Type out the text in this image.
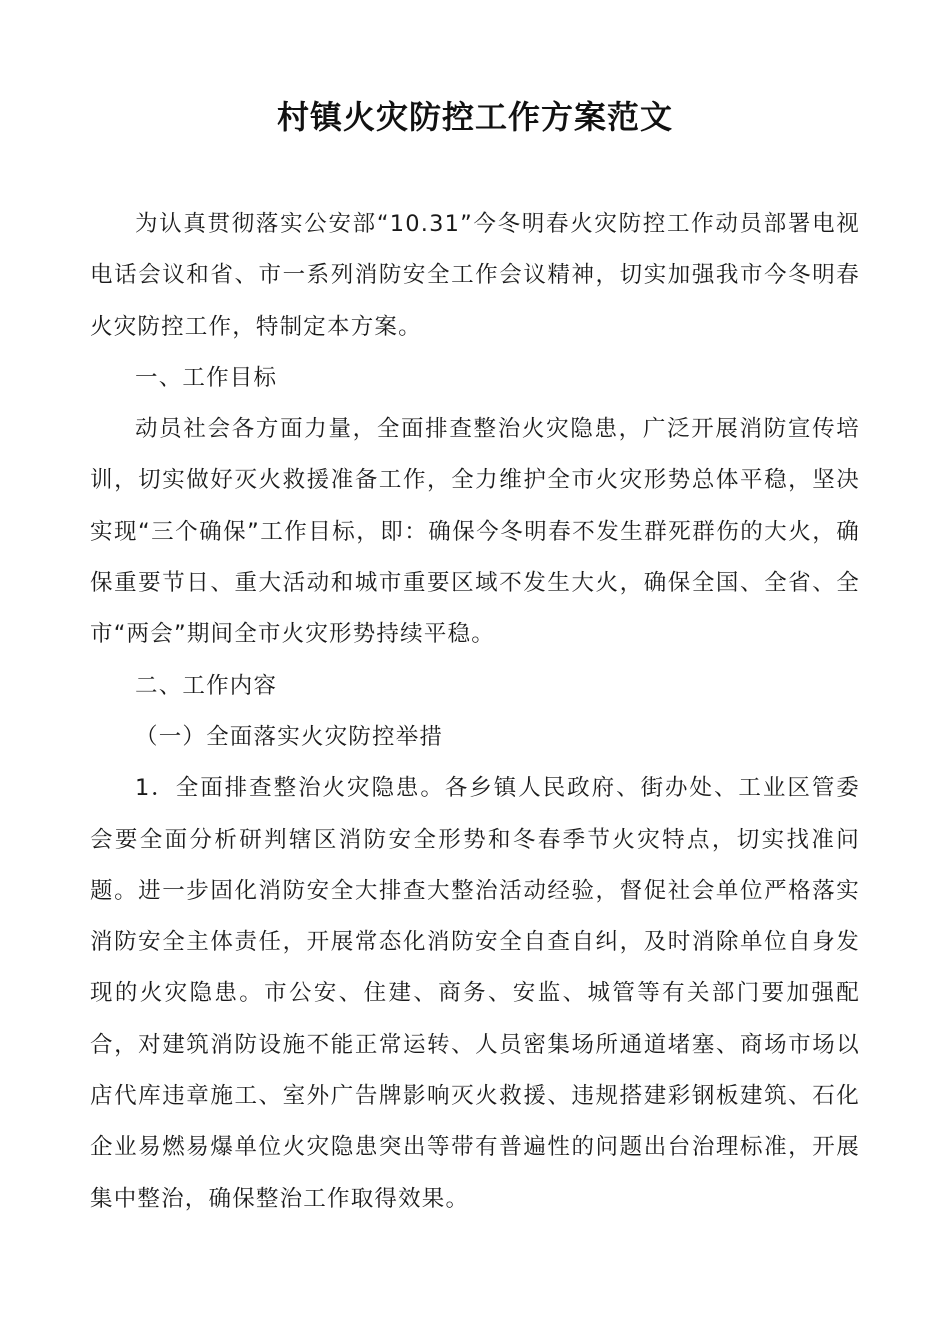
村镇火灾防控工作方案范文

为认真贯彻落实公安部“10.31”今冬明春火灾防控工作动员部署电视电话会议和省、市一系列消防安全工作会议精神，切实加强我市今冬明春火灾防控工作，特制定本方案。

一、工作目标

动员社会各方面力量，全面排查整治火灾隐患，广泛开展消防宣传培训，切实做好灭火救援准备工作，全力维护全市火灾形势总体平稳，坚决实现“三个确保”工作目标，即：确保今冬明春不发生群死群伤的大火，确保重要节日、重大活动和城市重要区域不发生大火，确保全国、全省、全市“两会”期间全市火灾形势持续平稳。

二、工作内容

（一）全面落实火灾防控举措

1．全面排查整治火灾隐患。各乡镇人民政府、街办处、工业区管委会要全面分析研判辖区消防安全形势和冬春季节火灾特点，切实找准问题。进一步固化消防安全大排查大整治活动经验，督促社会单位严格落实消防安全主体责任，开展常态化消防安全自查自纠，及时消除单位自身发现的火灾隐患。市公安、住建、商务、安监、城管等有关部门要加强配合，对建筑消防设施不能正常运转、人员密集场所通道堵塞、商场市场以店代库违章施工、室外广告牌影响灭火救援、违规搭建彩钢板建筑、石化企业易燃易爆单位火灾隐患突出等带有普遍性的问题出台治理标准，开展集中整治，确保整治工作取得效果。
